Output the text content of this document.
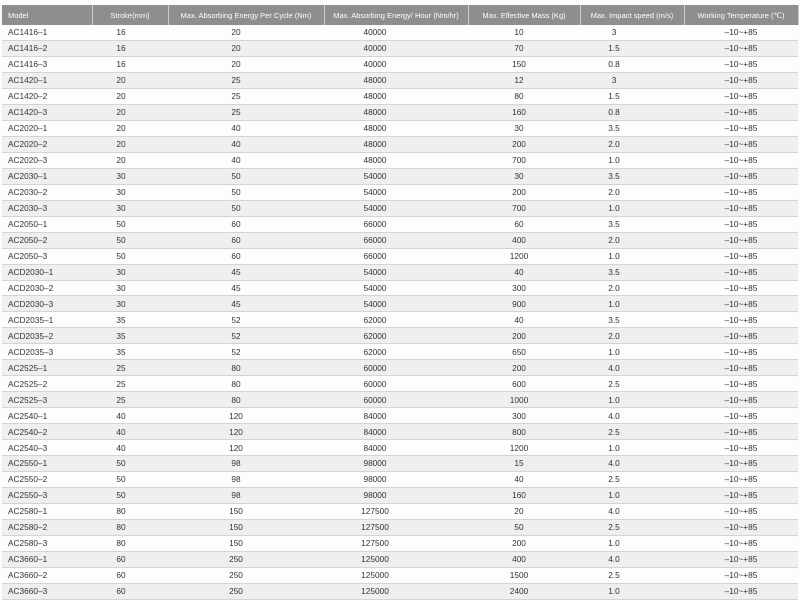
Model	Stroke(mm)	Max. Absorbing Energy Per Cycle (Nm)	Max. Absorbing Energy/ Hour (Nm/hr)	Max. Effective Mass (Kg)	Max. Impact speed (m/s)	Working Temperature (℃)
AC1416–1	16	20	40000	10	3	–10~+85
AC1416–2	16	20	40000	70	1.5	–10~+85
AC1416–3	16	20	40000	150	0.8	–10~+85
AC1420–1	20	25	48000	12	3	–10~+85
AC1420–2	20	25	48000	80	1.5	–10~+85
AC1420–3	20	25	48000	160	0.8	–10~+85
AC2020–1	20	40	48000	30	3.5	–10~+85
AC2020–2	20	40	48000	200	2.0	–10~+85
AC2020–3	20	40	48000	700	1.0	–10~+85
AC2030–1	30	50	54000	30	3.5	–10~+85
AC2030–2	30	50	54000	200	2.0	–10~+85
AC2030–3	30	50	54000	700	1.0	–10~+85
AC2050–1	50	60	66000	60	3.5	–10~+85
AC2050–2	50	60	66000	400	2.0	–10~+85
AC2050–3	50	60	66000	1200	1.0	–10~+85
ACD2030–1	30	45	54000	40	3.5	–10~+85
ACD2030–2	30	45	54000	300	2.0	–10~+85
ACD2030–3	30	45	54000	900	1.0	–10~+85
ACD2035–1	35	52	62000	40	3.5	–10~+85
ACD2035–2	35	52	62000	200	2.0	–10~+85
ACD2035–3	35	52	62000	650	1.0	–10~+85
AC2525–1	25	80	60000	200	4.0	–10~+85
AC2525–2	25	80	60000	600	2.5	–10~+85
AC2525–3	25	80	60000	1000	1.0	–10~+85
AC2540–1	40	120	84000	300	4.0	–10~+85
AC2540–2	40	120	84000	800	2.5	–10~+85
AC2540–3	40	120	84000	1200	1.0	–10~+85
AC2550–1	50	98	98000	15	4.0	–10~+85
AC2550–2	50	98	98000	40	2.5	–10~+85
AC2550–3	50	98	98000	160	1.0	–10~+85
AC2580–1	80	150	127500	20	4.0	–10~+85
AC2580–2	80	150	127500	50	2.5	–10~+85
AC2580–3	80	150	127500	200	1.0	–10~+85
AC3660–1	60	250	125000	400	4.0	–10~+85
AC3660–2	60	250	125000	1500	2.5	–10~+85
AC3660–3	60	250	125000	2400	1.0	–10~+85
